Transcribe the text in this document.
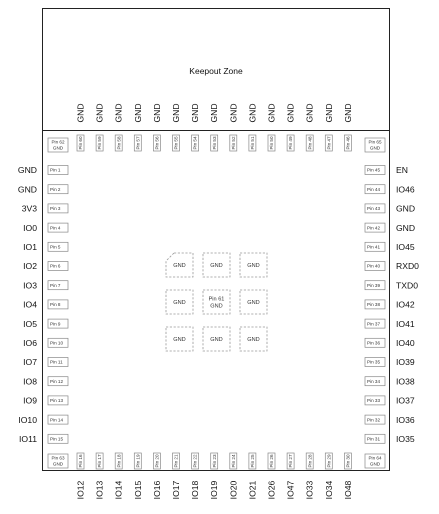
Keepout Zone
Pin 1
GND
Pin 2
GND
Pin 3
3V3
Pin 4
IO0
Pin 5
IO1
Pin 6
IO2
Pin 7
IO3
Pin 8
IO4
Pin 9
IO5
Pin 10
IO6
Pin 11
IO7
Pin 12
IO8
Pin 13
IO9
Pin 14
IO10
Pin 15
IO11
Pin 45 EN
Pin 44 IO46
Pin 43 GND
Pin 42 GND
Pin 41 IO45
Pin 40 RXD0
Pin 39 TXD0
Pin 38 IO42
Pin 37 IO41
Pin 36 IO40
Pin 35 IO39
Pin 34 IO38
Pin 33 IO37
Pin 32 IO36
Pin 31 IO35
Pin 62
GND	Pin 60
GND
Pin 59
GND
Pin 58
GND
Pin 57
GND
Pin 56
GND
Pin 55
GND
Pin 54
GND
Pin 53
GND
Pin 52
GND
Pin 51
GND
Pin 50
GND
Pin 49
GND
Pin 48
GND
Pin 47
GND
Pin 46
GND
Pin 65
GND
Pin 63
GND	Pin 16
IO12
Pin 17
IO13
Pin 18
IO14
Pin 19
IO15
Pin 20
IO16
Pin 21
IO17
Pin 22
IO18
Pin 23
IO19
Pin 24
IO20
Pin 25
IO21
Pin 26
IO26
Pin 27
IO47
Pin 28
IO33
Pin 29
IO34
Pin 30
IO48
Pin 64
GND
GND	GND	GND
GND
Pin 61
GND
GND
GND	GND	GND
